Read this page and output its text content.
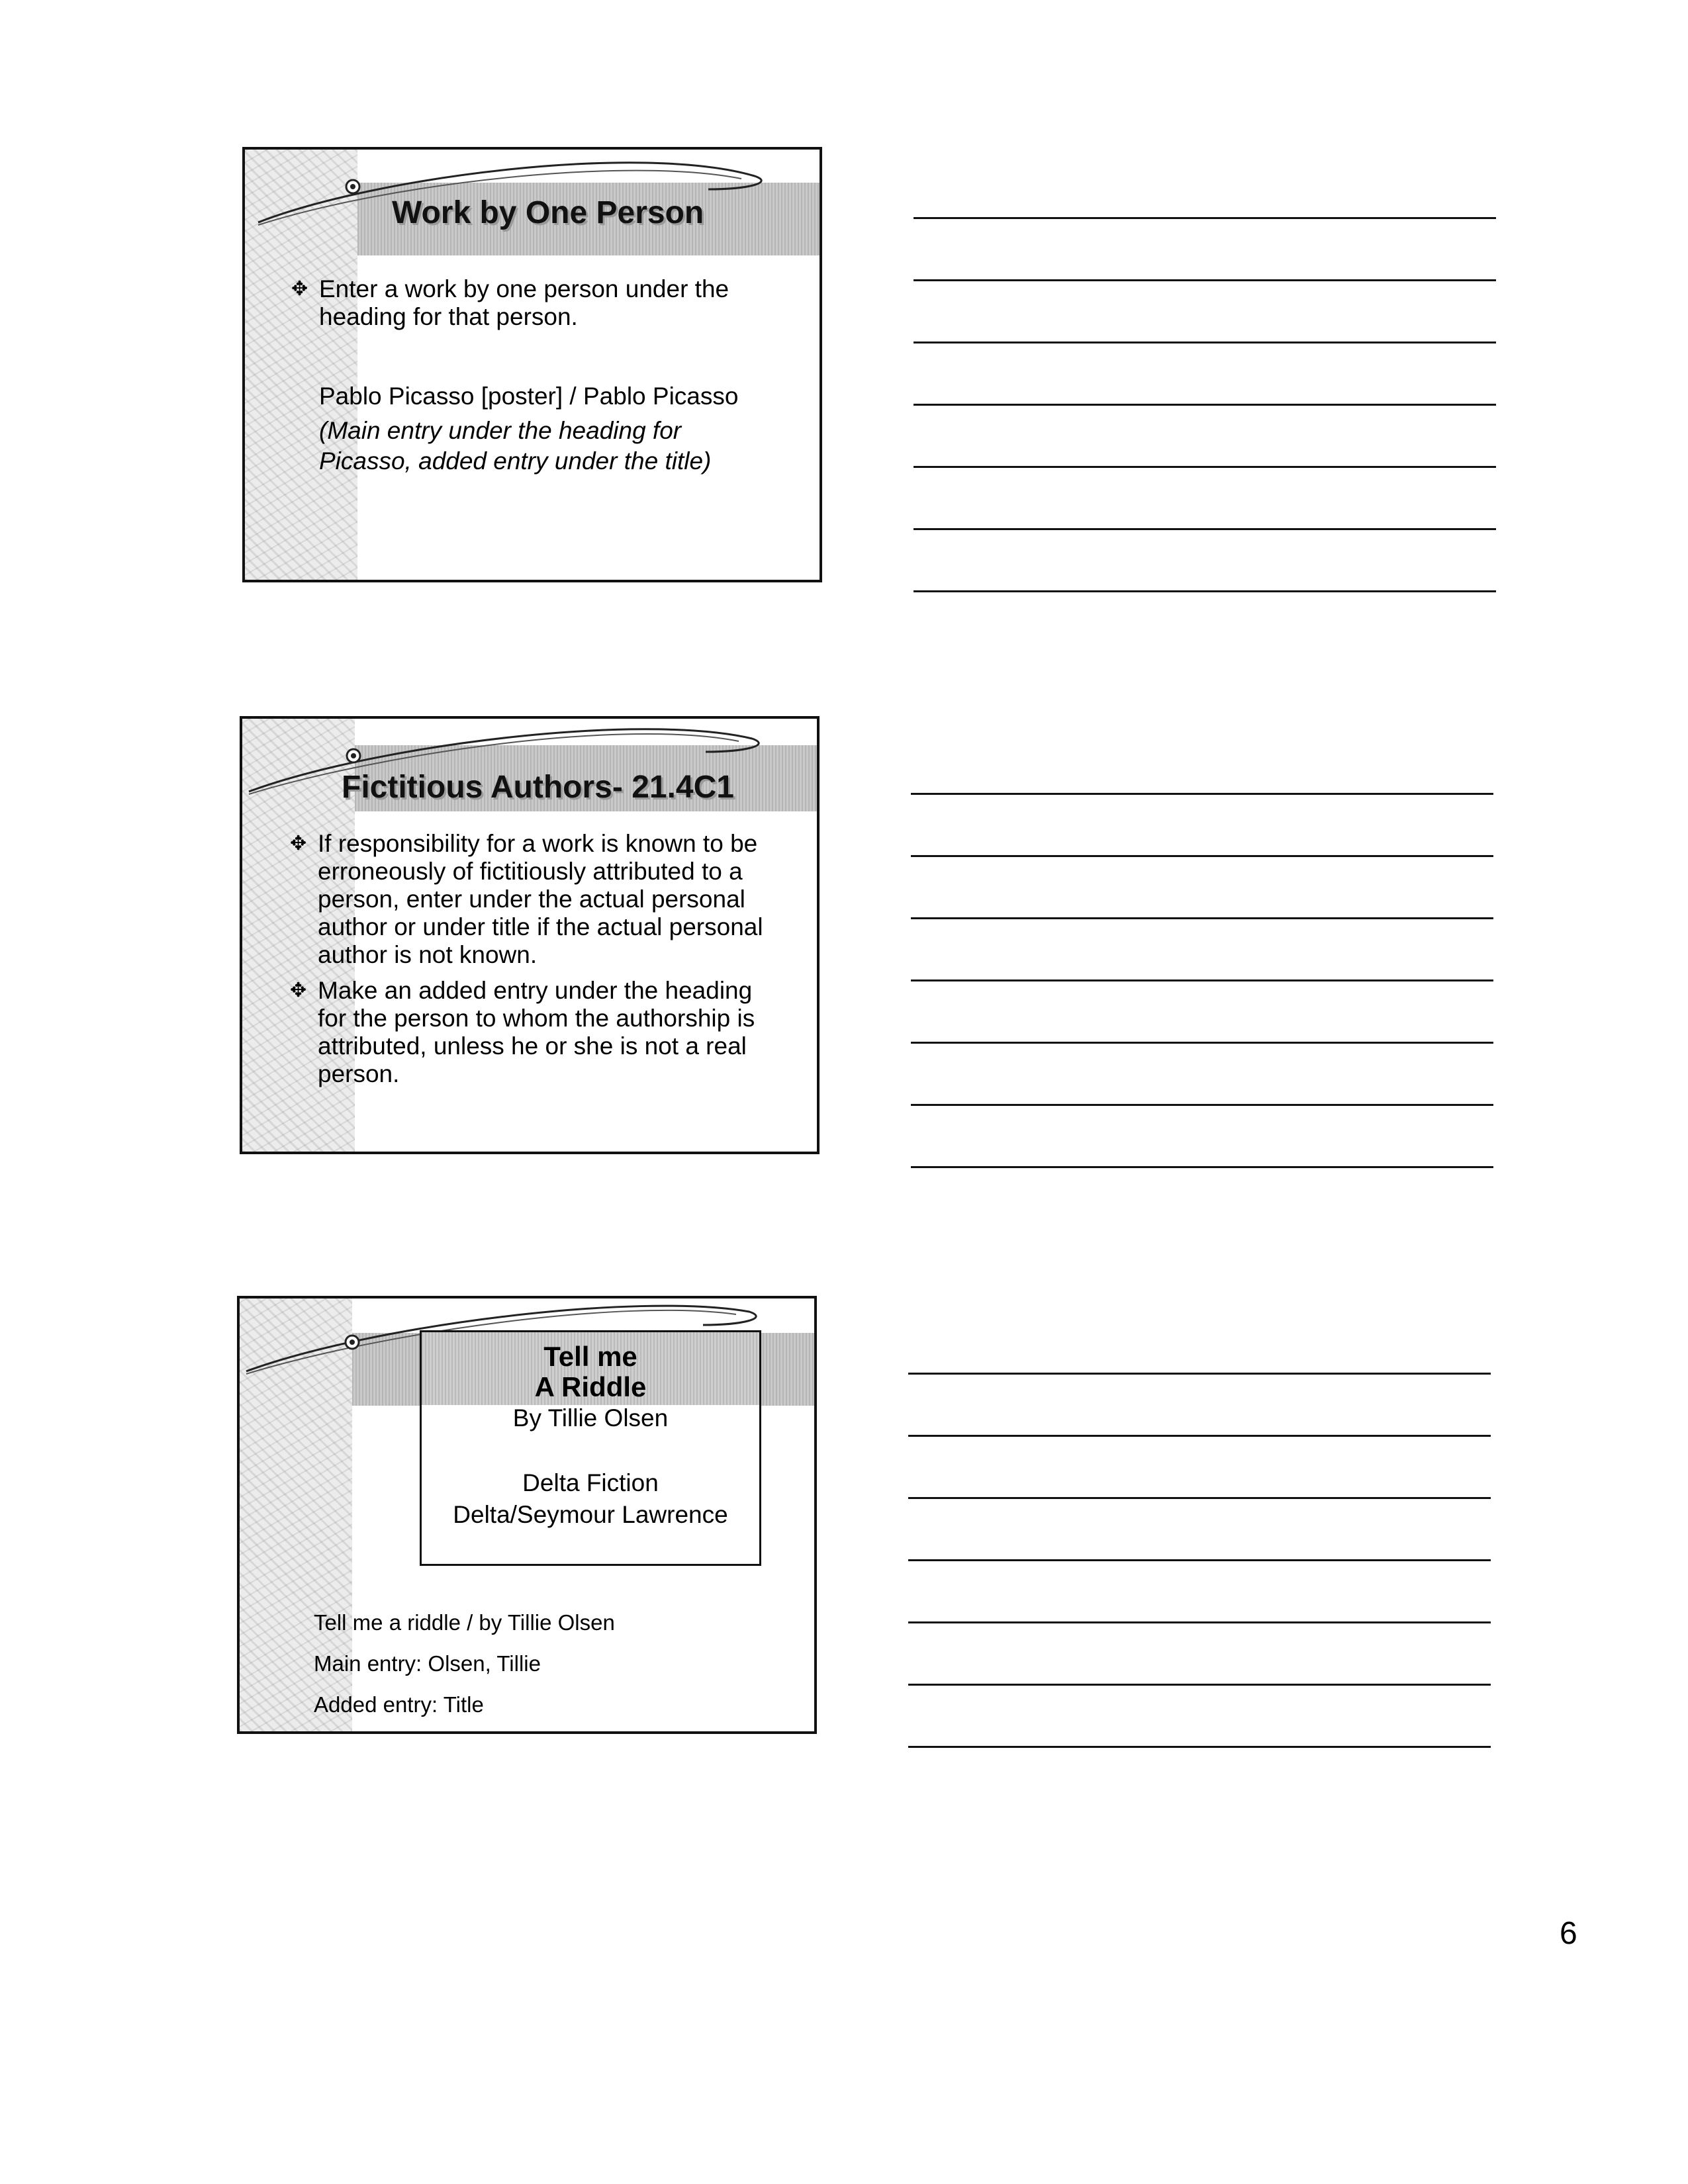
Work by One Person
✥ Enter a work by one person under the heading for that person.
Pablo Picasso [poster] / Pablo Picasso
(Main entry under the heading for Picasso, added entry under the title)
Fictitious Authors- 21.4C1
✥ If responsibility for a work is known to be erroneously of fictitiously attributed to a person, enter under the actual personal author or under title if the actual personal author is not known.
✥ Make an added entry under the heading for the person to whom the authorship is attributed, unless he or she is not a real person.
Tell me
A Riddle
By Tillie Olsen
Delta Fiction
Delta/Seymour Lawrence
Tell me a riddle / by Tillie Olsen
Main entry: Olsen, Tillie
Added entry: Title
6
